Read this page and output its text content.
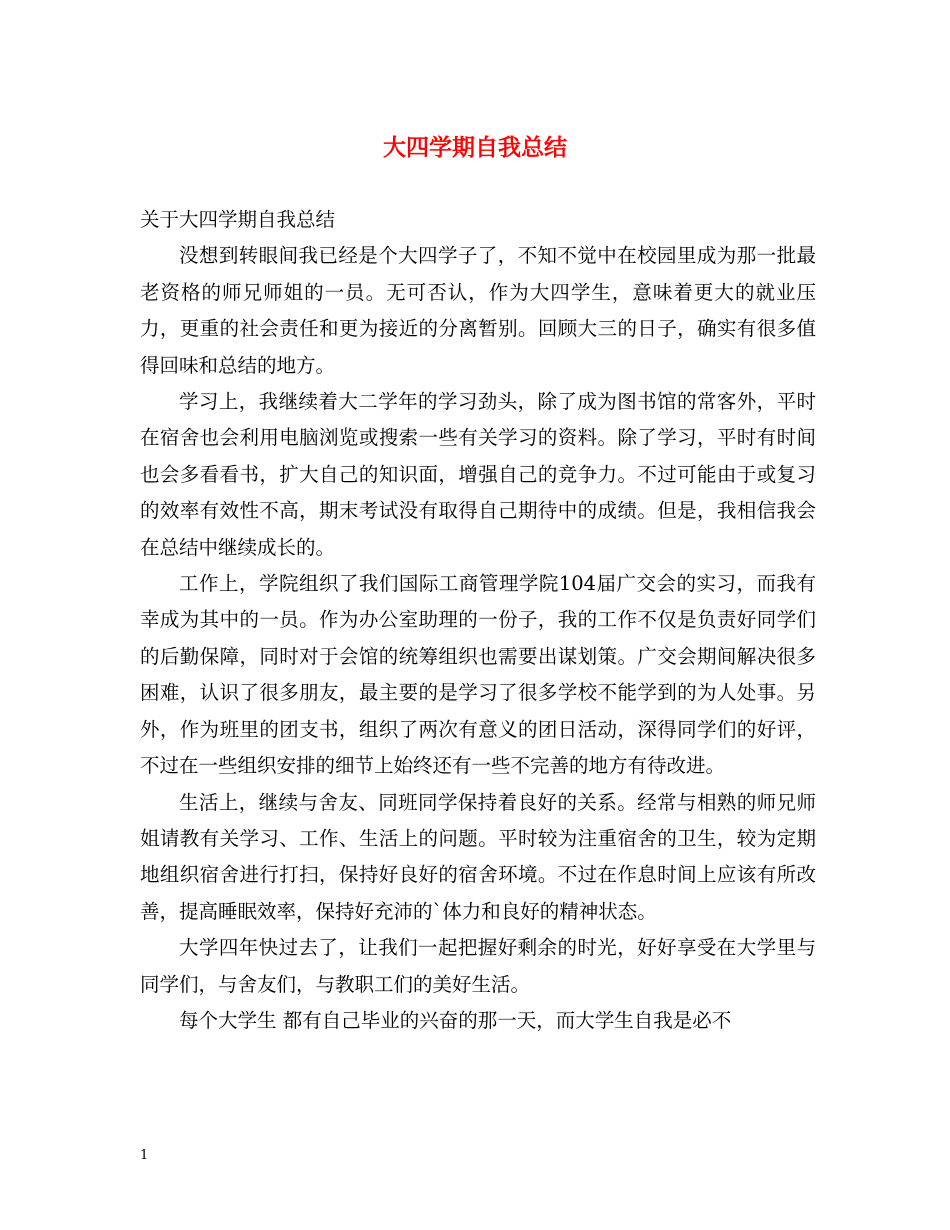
大四学期自我总结

关于大四学期自我总结

没想到转眼间我已经是个大四学子了，不知不觉中在校园里成为那一批最老资格的师兄师姐的一员。无可否认，作为大四学生，意味着更大的就业压力，更重的社会责任和更为接近的分离暂别。回顾大三的日子，确实有很多值得回味和总结的地方。

学习上，我继续着大二学年的学习劲头，除了成为图书馆的常客外，平时在宿舍也会利用电脑浏览或搜索一些有关学习的资料。除了学习，平时有时间也会多看看书，扩大自己的知识面，增强自己的竞争力。不过可能由于或复习的效率有效性不高，期末考试没有取得自己期待中的成绩。但是，我相信我会在总结中继续成长的。

工作上，学院组织了我们国际工商管理学院104届广交会的实习，而我有幸成为其中的一员。作为办公室助理的一份子，我的工作不仅是负责好同学们的后勤保障，同时对于会馆的统筹组织也需要出谋划策。广交会期间解决很多困难，认识了很多朋友，最主要的是学习了很多学校不能学到的为人处事。另外，作为班里的团支书，组织了两次有意义的团日活动，深得同学们的好评，不过在一些组织安排的细节上始终还有一些不完善的地方有待改进。

生活上，继续与舍友、同班同学保持着良好的关系。经常与相熟的师兄师姐请教有关学习、工作、生活上的问题。平时较为注重宿舍的卫生，较为定期地组织宿舍进行打扫，保持好良好的宿舍环境。不过在作息时间上应该有所改善，提高睡眠效率，保持好充沛的`体力和良好的精神状态。

大学四年快过去了，让我们一起把握好剩余的时光，好好享受在大学里与同学们，与舍友们，与教职工们的美好生活。

每个大学生 都有自己毕业的兴奋的那一天，而大学生自我是必不

1
